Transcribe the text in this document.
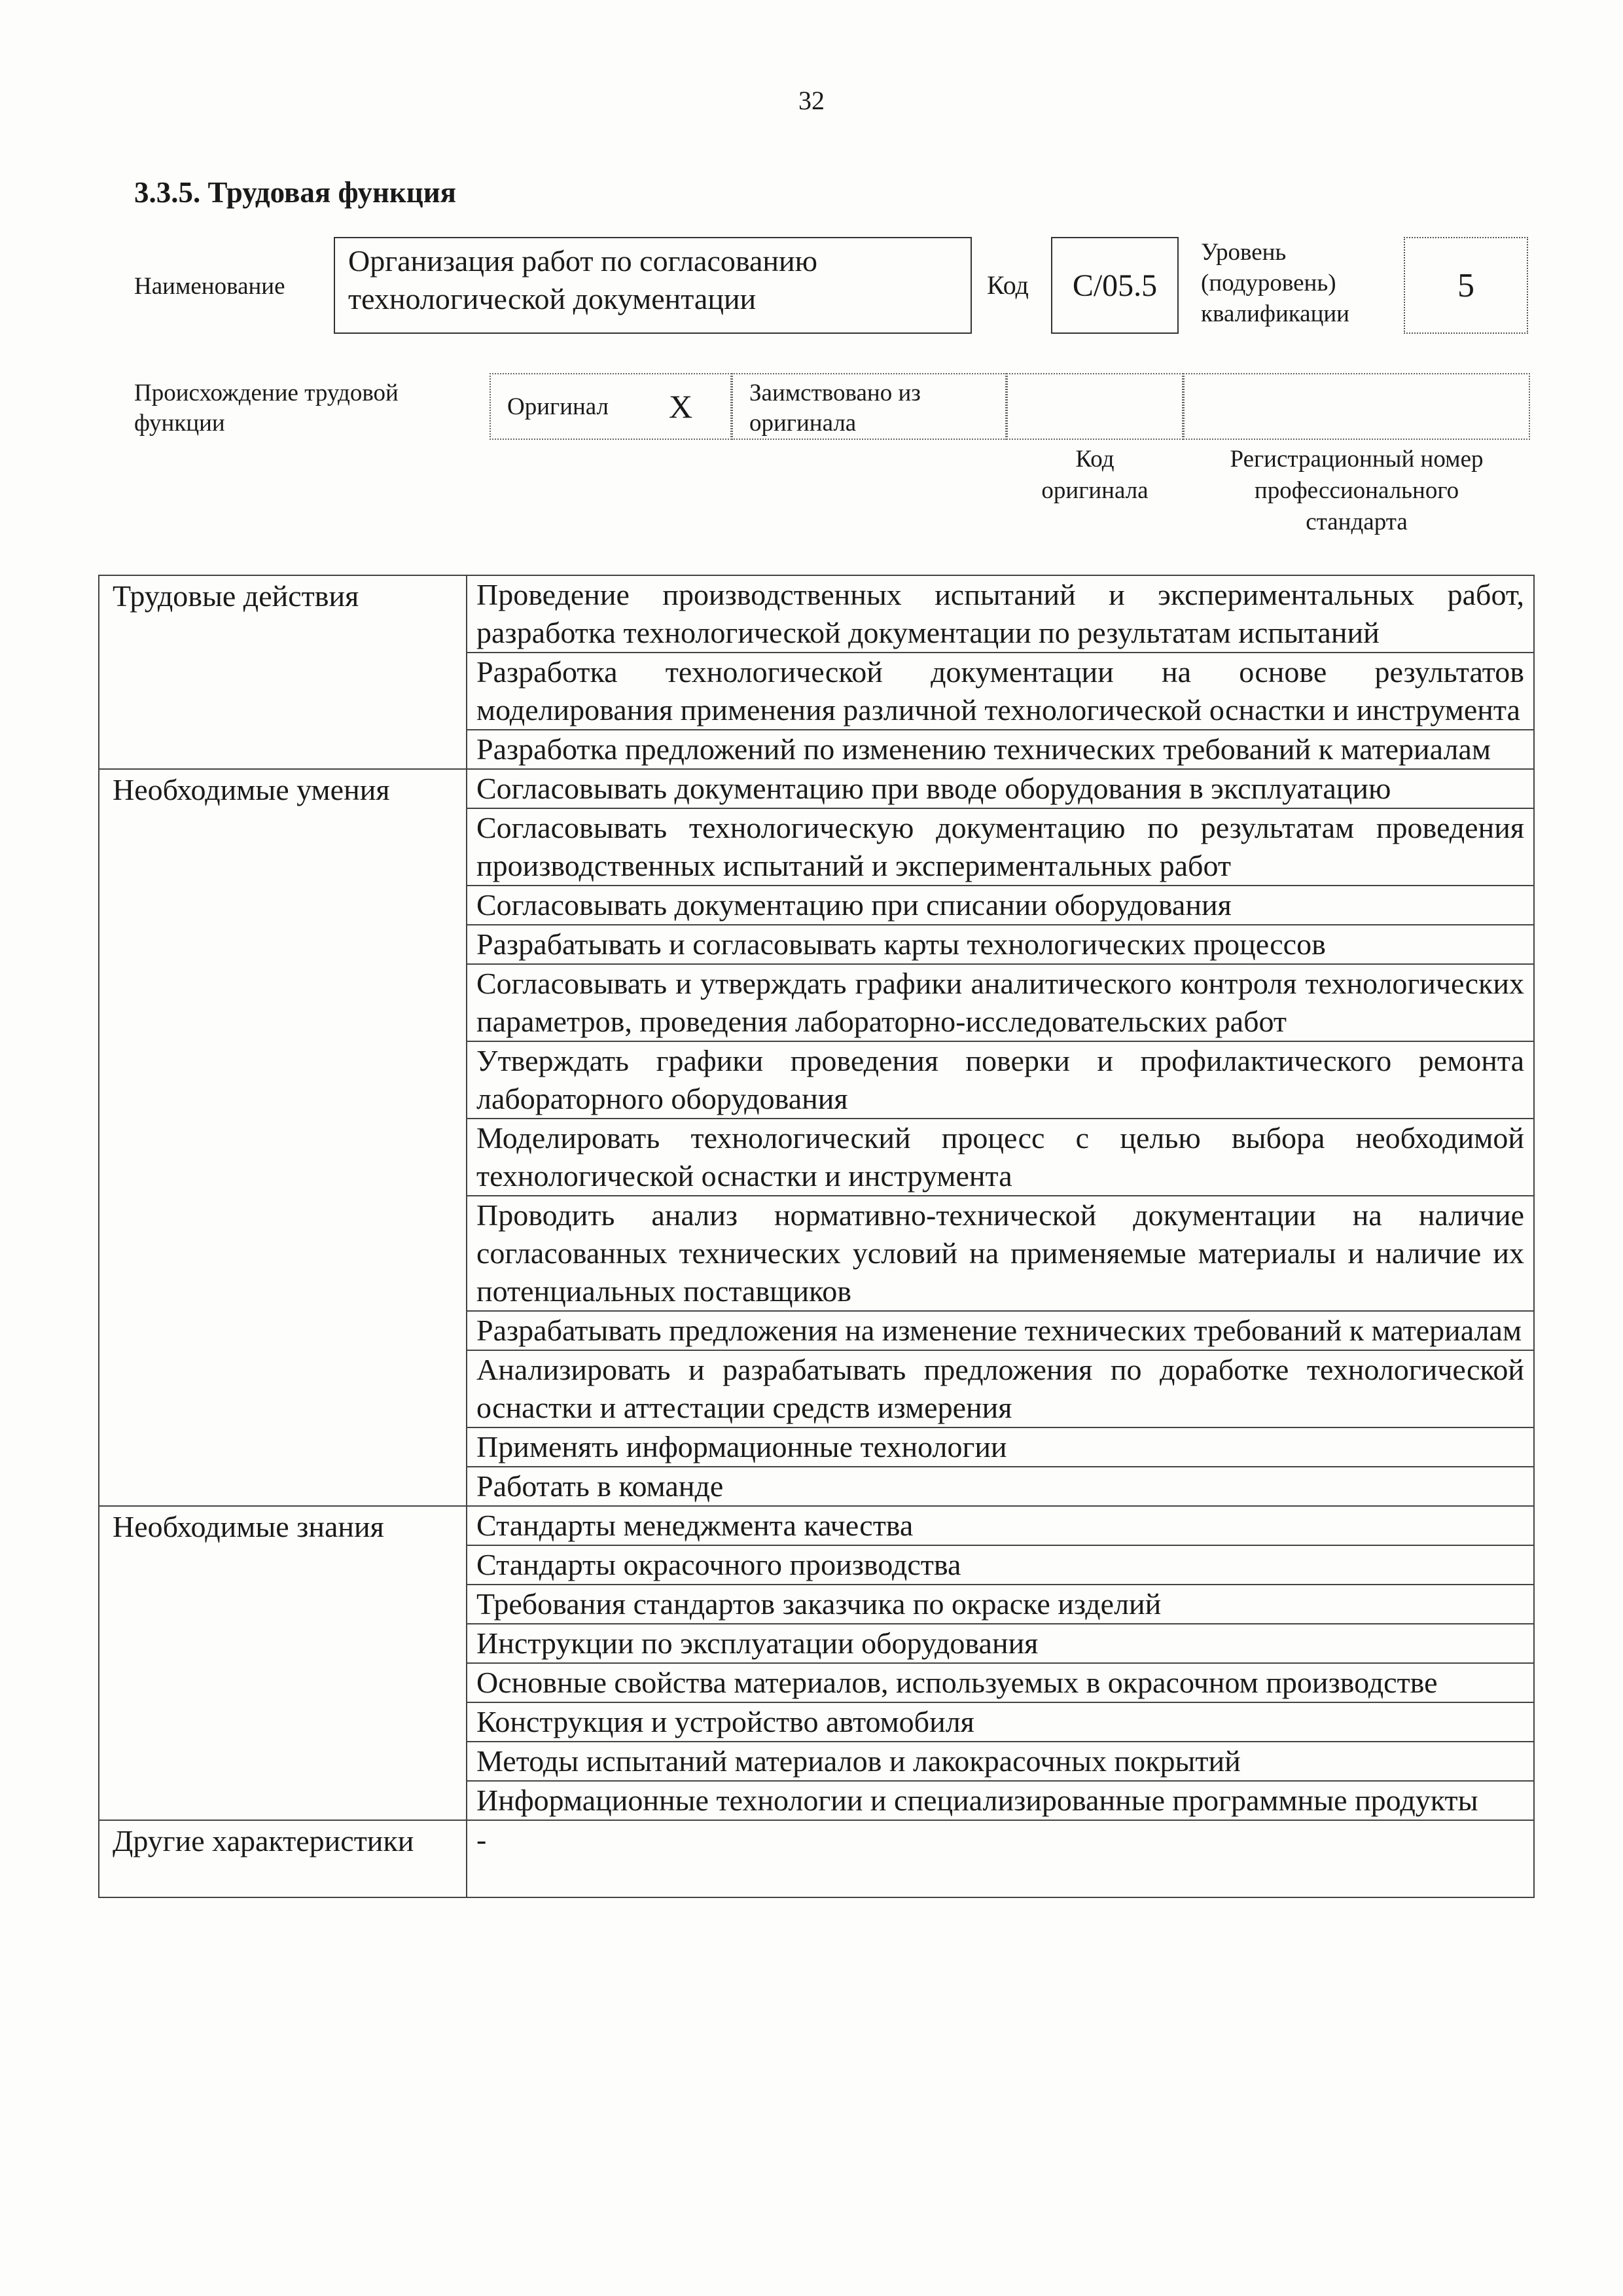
32
3.3.5. Трудовая функция
Наименование
Организация работ по согласованию
технологической документации	Код	С/05.5
Уровень
(подуровень)
квалификации
5
Происхождение трудовой
функции
Оригинал X Заимствовано из
оригинала
Код
оригинала
Регистрационный номер
профессионального
стандарта
Трудовые действия	Проведение производственных испытаний и экспериментальных работ, разработка технологической документации по результатам испытаний
	Разработка технологической документации на основе результатов моделирования применения различной технологической оснастки и инструмента
	Разработка предложений по изменению технических требований к материалам
Необходимые умения	Согласовывать документацию при вводе оборудования в эксплуатацию
	Согласовывать технологическую документацию по результатам проведения производственных испытаний и экспериментальных работ
	Согласовывать документацию при списании оборудования
	Разрабатывать и согласовывать карты технологических процессов
	Согласовывать и утверждать графики аналитического контроля технологических параметров, проведения лабораторно-исследовательских работ
	Утверждать графики проведения поверки и профилактического ремонта лабораторного оборудования
	Моделировать технологический процесс с целью выбора необходимой технологической оснастки и инструмента
	Проводить анализ нормативно-технической документации на наличие согласованных технических условий на применяемые материалы и наличие их потенциальных поставщиков
	Разрабатывать предложения на изменение технических требований к материалам
	Анализировать и разрабатывать предложения по доработке технологической оснастки и аттестации средств измерения
	Применять информационные технологии
	Работать в команде
Необходимые знания	Стандарты менеджмента качества
	Стандарты окрасочного производства
	Требования стандартов заказчика по окраске изделий
	Инструкции по эксплуатации оборудования
	Основные свойства материалов, используемых в окрасочном производстве
	Конструкция и устройство автомобиля
	Методы испытаний материалов и лакокрасочных покрытий
	Информационные технологии и специализированные программные продукты
Другие характеристики	-
